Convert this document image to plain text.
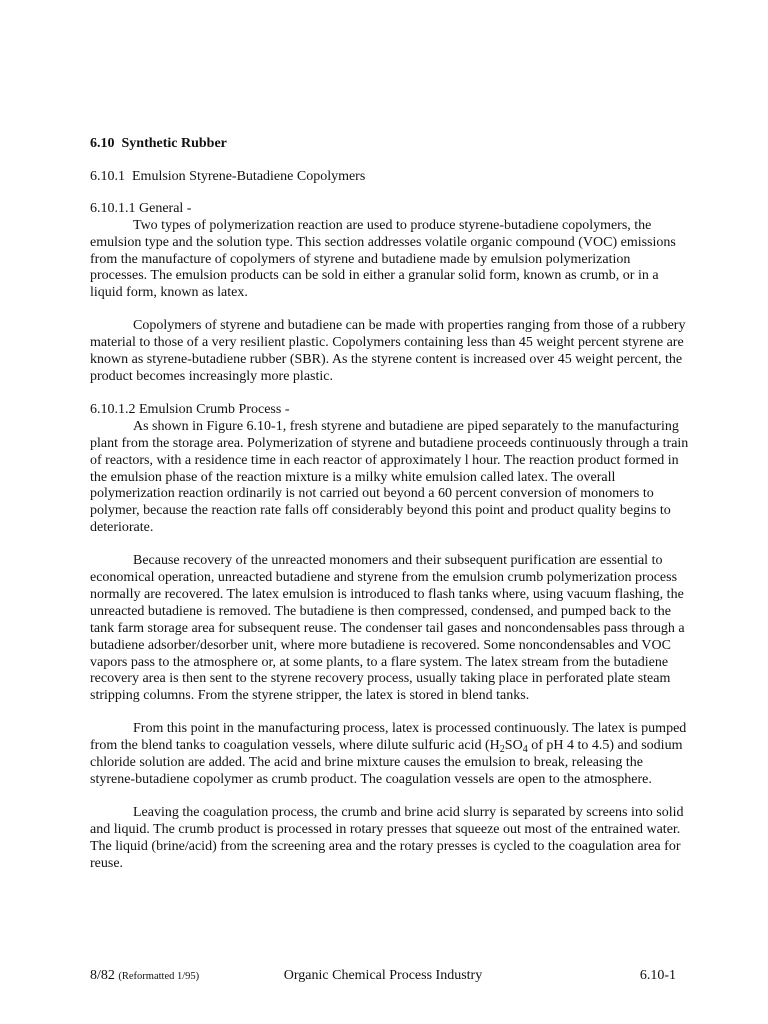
6.10 Synthetic Rubber
6.10.1 Emulsion Styrene-Butadiene Copolymers
6.10.1.1 General -

Two types of polymerization reaction are used to produce styrene-butadiene copolymers, the emulsion type and the solution type. This section addresses volatile organic compound (VOC) emissions from the manufacture of copolymers of styrene and butadiene made by emulsion polymerization processes. The emulsion products can be sold in either a granular solid form, known as crumb, or in a liquid form, known as latex.

Copolymers of styrene and butadiene can be made with properties ranging from those of a rubbery material to those of a very resilient plastic. Copolymers containing less than 45 weight percent styrene are known as styrene-butadiene rubber (SBR). As the styrene content is increased over 45 weight percent, the product becomes increasingly more plastic.

6.10.1.2 Emulsion Crumb Process -

As shown in Figure 6.10-1, fresh styrene and butadiene are piped separately to the manufacturing plant from the storage area. Polymerization of styrene and butadiene proceeds continuously through a train of reactors, with a residence time in each reactor of approximately l hour. The reaction product formed in the emulsion phase of the reaction mixture is a milky white emulsion called latex. The overall polymerization reaction ordinarily is not carried out beyond a 60 percent conversion of monomers to polymer, because the reaction rate falls off considerably beyond this point and product quality begins to deteriorate.

Because recovery of the unreacted monomers and their subsequent purification are essential to economical operation, unreacted butadiene and styrene from the emulsion crumb polymerization process normally are recovered. The latex emulsion is introduced to flash tanks where, using vacuum flashing, the unreacted butadiene is removed. The butadiene is then compressed, condensed, and pumped back to the tank farm storage area for subsequent reuse. The condenser tail gases and noncondensables pass through a butadiene adsorber/desorber unit, where more butadiene is recovered. Some noncondensables and VOC vapors pass to the atmosphere or, at some plants, to a flare system. The latex stream from the butadiene recovery area is then sent to the styrene recovery process, usually taking place in perforated plate steam stripping columns. From the styrene stripper, the latex is stored in blend tanks.

From this point in the manufacturing process, latex is processed continuously. The latex is pumped from the blend tanks to coagulation vessels, where dilute sulfuric acid ($H_2SO_4$ of pH 4 to 4.5) and sodium chloride solution are added. The acid and brine mixture causes the emulsion to break, releasing the styrene-butadiene copolymer as crumb product. The coagulation vessels are open to the atmosphere.

Leaving the coagulation process, the crumb and brine acid slurry is separated by screens into solid and liquid. The crumb product is processed in rotary presses that squeeze out most of the entrained water. The liquid (brine/acid) from the screening area and the rotary presses is cycled to the coagulation area for reuse.

8/82 (Reformatted 1/95)	Organic Chemical Process Industry	6.10-1
